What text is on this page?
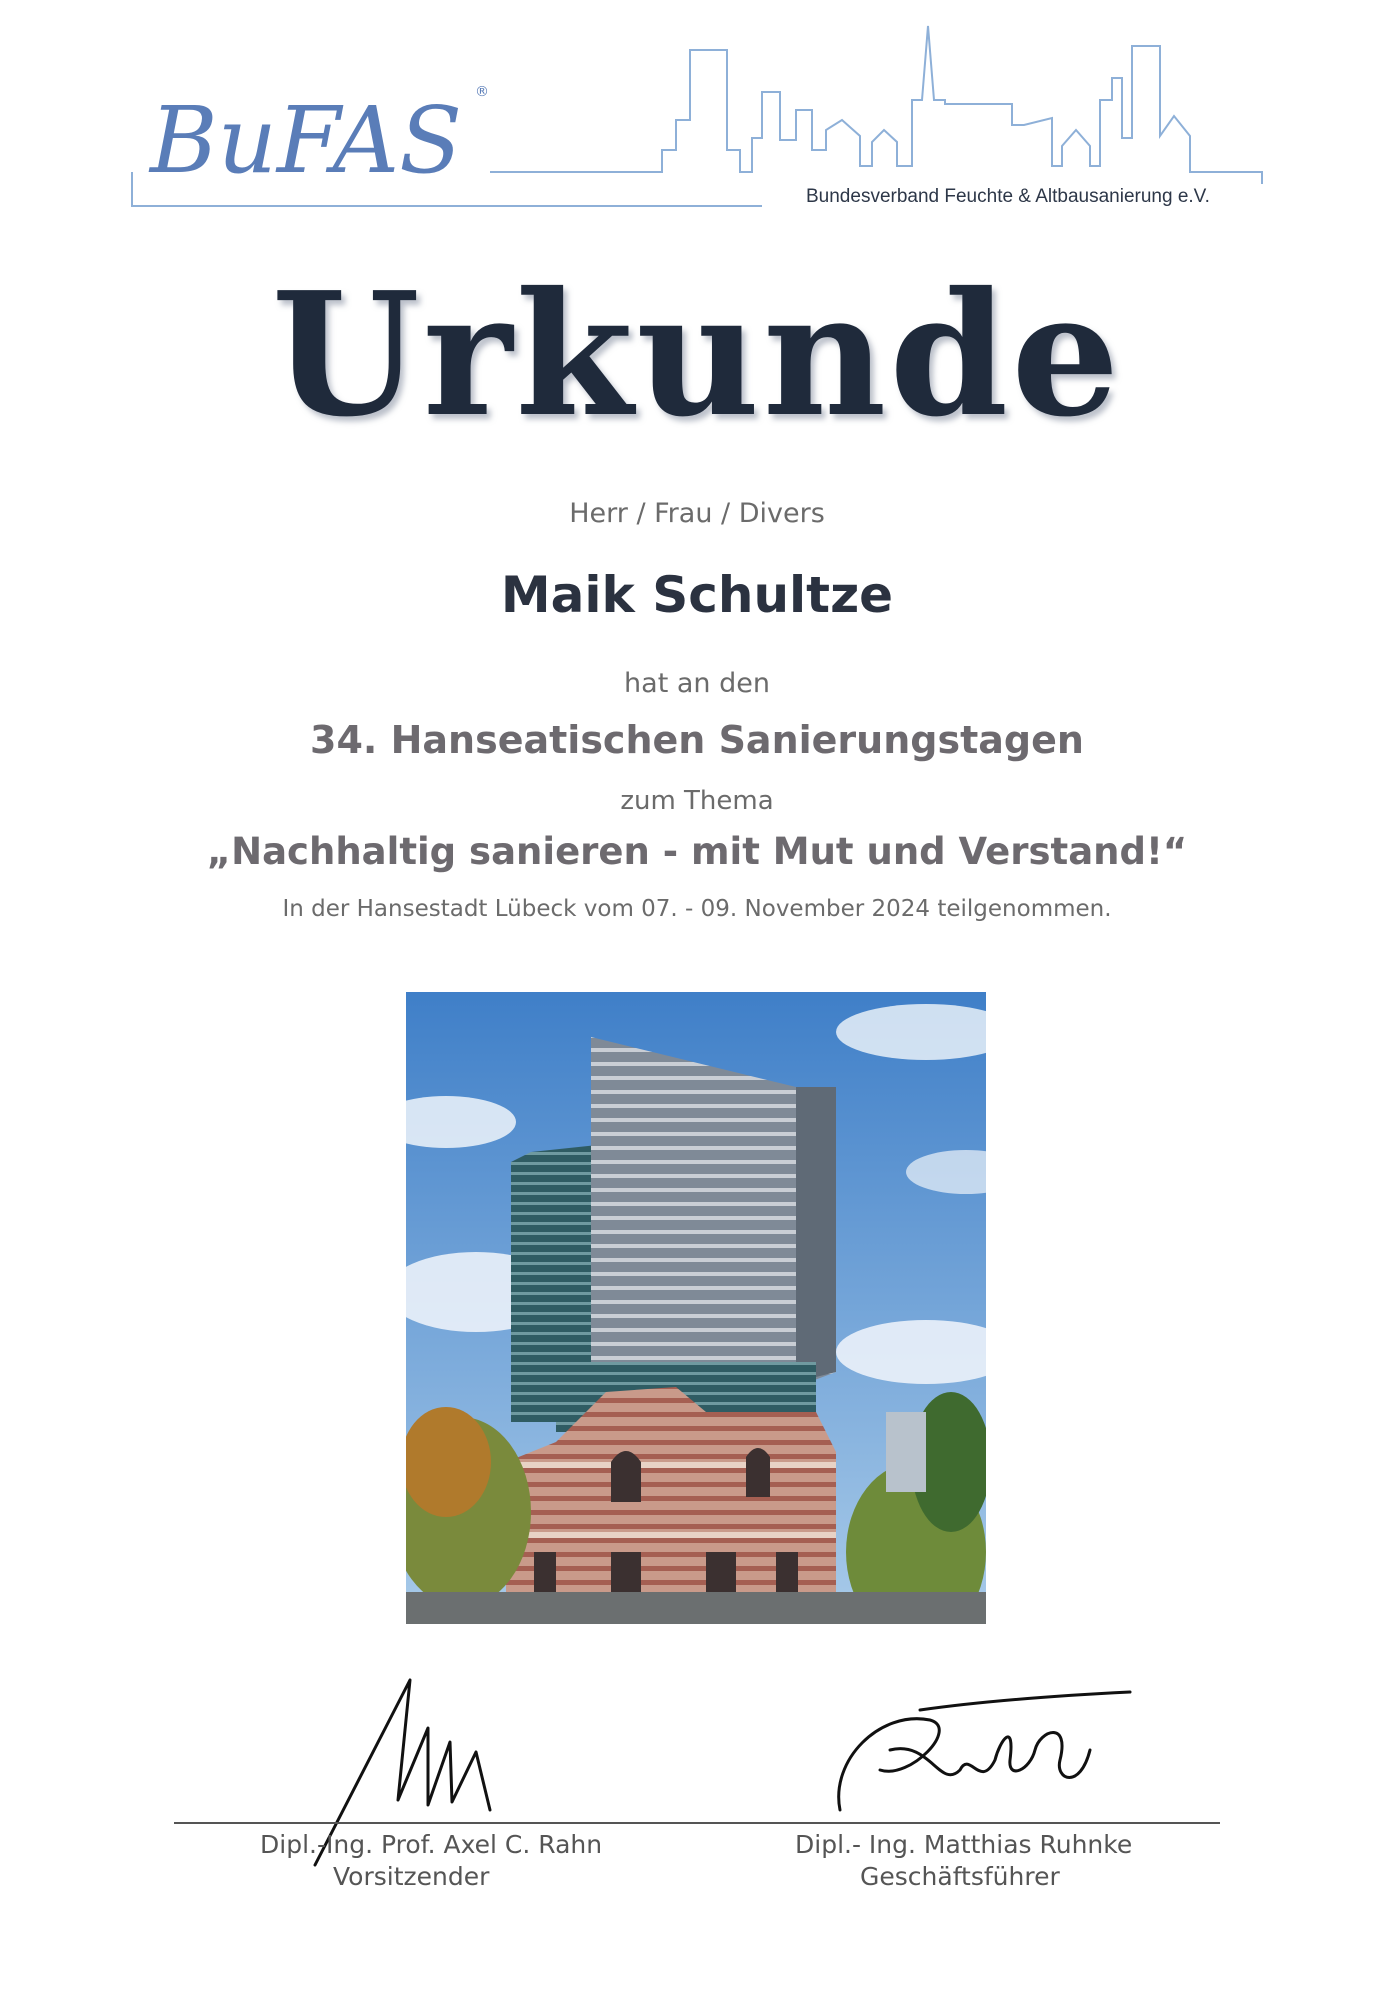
BuFAS ®
Bundesverband Feuchte & Altbausanierung e.V.
Urkunde
Herr / Frau / Divers
Maik Schultze
hat an den
34. Hanseatischen Sanierungstagen
zum Thema
„Nachhaltig sanieren - mit Mut und Verstand!“
In der Hansestadt Lübeck vom 07. - 09. November 2024 teilgenommen.
Dipl.-Ing. Prof. Axel C. Rahn
Vorsitzender
Dipl.- Ing. Matthias Ruhnke
Geschäftsführer
